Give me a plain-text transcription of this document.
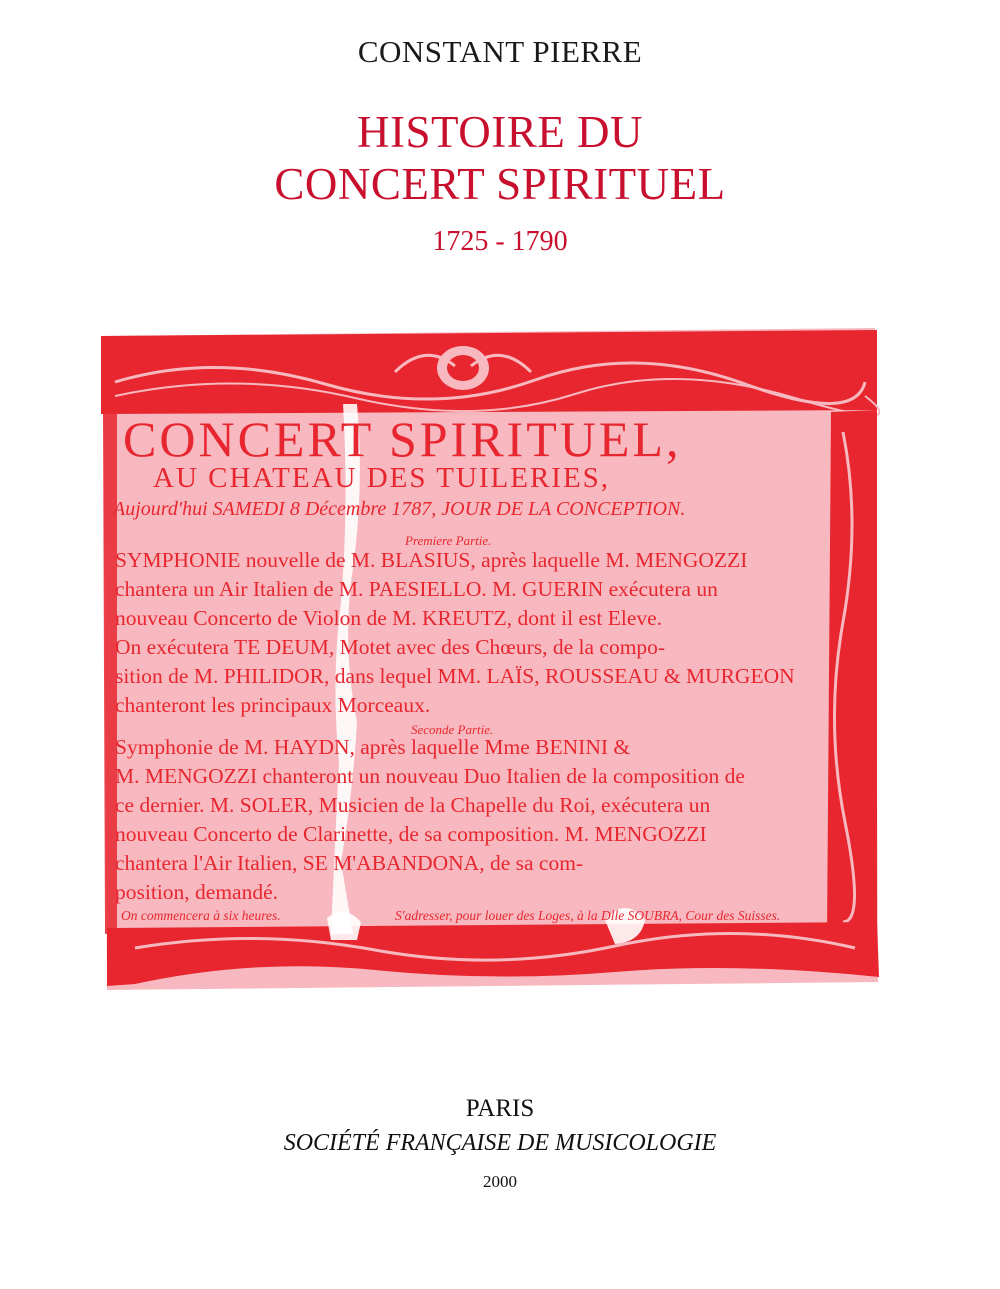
CONSTANT PIERRE
HISTOIRE DU
CONCERT SPIRITUEL
1725 - 1790
CONCERT SPIRITUEL,
AU CHATEAU DES TUILERIES,
Aujourd'hui SAMEDI 8 Décembre 1787, JOUR DE LA CONCEPTION.
Premiere Partie.
SYMPHONIE nouvelle de M. BLASIUS, après laquelle M. MENGOZZI
chantera un Air Italien de M. PAESIELLO. M. GUERIN exécutera un
nouveau Concerto de Violon de M. KREUTZ, dont il est Eleve.
On exécutera TE DEUM, Motet avec des Chœurs, de la compo-
sition de M. PHILIDOR, dans lequel MM. LAÏS, ROUSSEAU & MURGEON
chanteront les principaux Morceaux.
Seconde Partie.
Symphonie de M. HAYDN, après laquelle Mme BENINI &
M. MENGOZZI chanteront un nouveau Duo Italien de la composition de
ce dernier. M. SOLER, Musicien de la Chapelle du Roi, exécutera un
nouveau Concerto de Clarinette, de sa composition. M. MENGOZZI
chantera l'Air Italien, SE M'ABANDONA, de sa com-
position, demandé.
On commencera à six heures.	S'adresser, pour louer des Loges, à la Dlle SOUBRA, Cour des Suisses.
PARIS
SOCIÉTÉ FRANÇAISE DE MUSICOLOGIE
2000
